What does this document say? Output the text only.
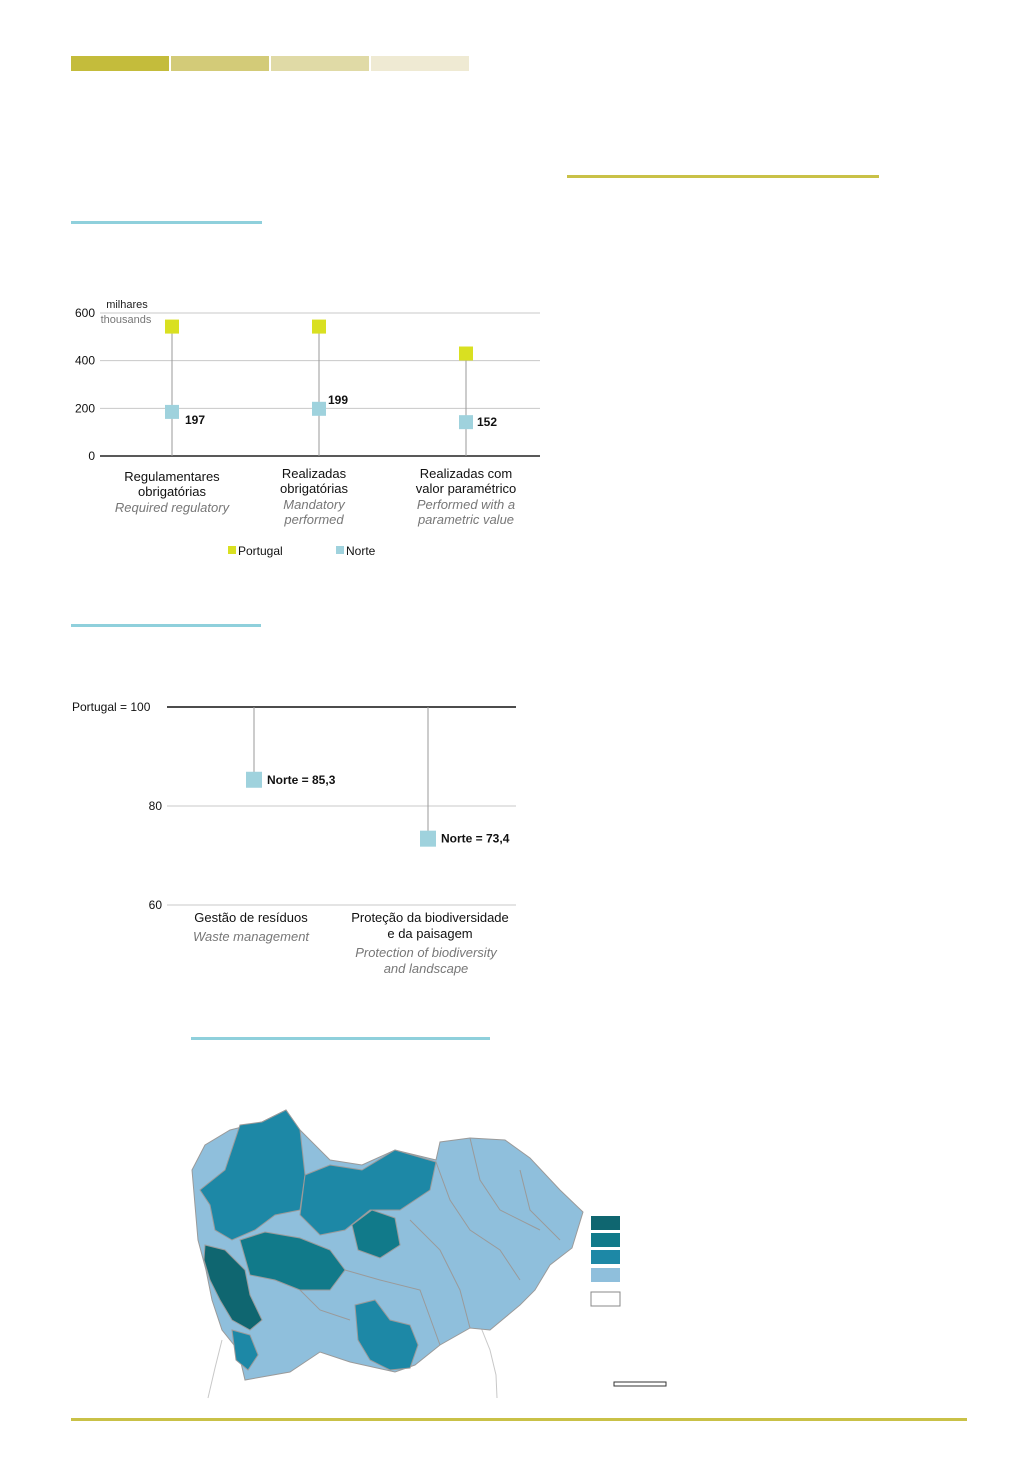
0
200
400
600
milhares
thousands
197
199
152
Regulamentares
obrigatórias
Required regulatory
Realizadas
obrigatórias
Mandatory
performed
Realizadas com
valor paramétrico
Performed with a
parametric value
Portugal	Norte
Portugal = 100
60
80
Norte = 85,3
Norte = 73,4
Gestão de resíduos
Waste management
Proteção da biodiversidade
e da paisagem
Protection of biodiversity
and landscape
